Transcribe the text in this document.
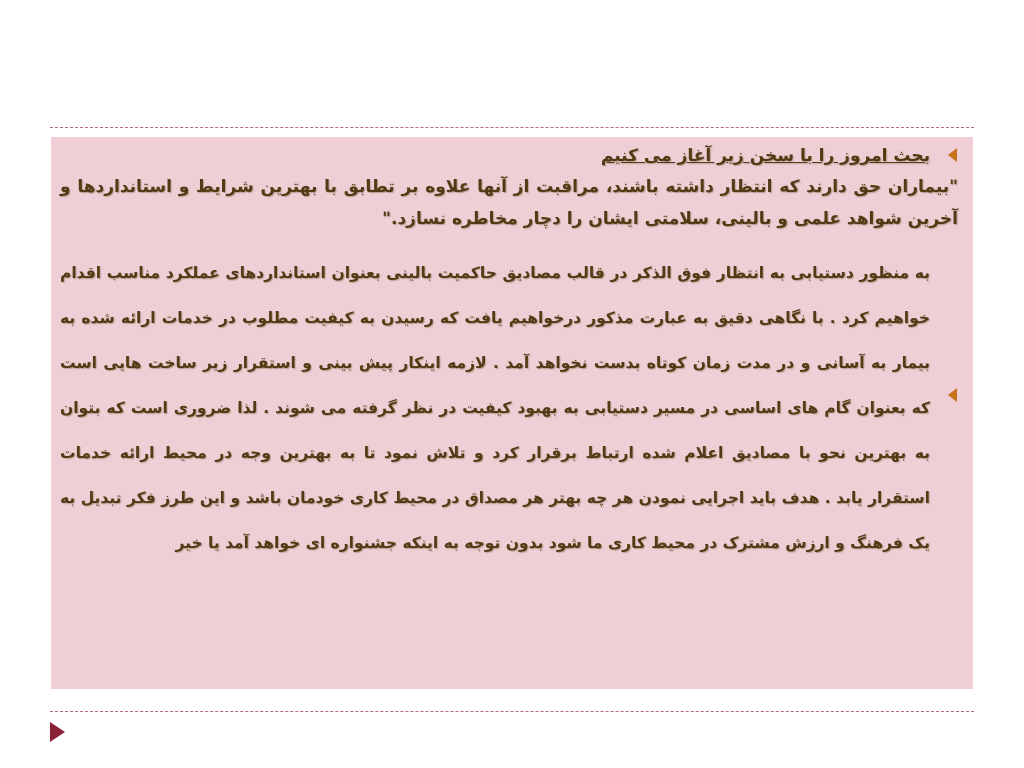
بحث امروز را با سخن زیر آغاز می کنیم
"بیماران حق دارند که انتظار داشته باشند، مراقبت از آنها علاوه بر تطابق با بهترین شرایط و استانداردها و آخرین شواهد علمی و بالینی، سلامتی ایشان را دچار مخاطره نسازد."
به منظور دستیابی به انتظار فوق الذکر در قالب مصادیق حاکمیت بالینی بعنوان استانداردهای عملکرد مناسب اقدام خواهیم کرد . با نگاهی دقیق به عبارت مذکور درخواهیم یافت که رسیدن به کیفیت مطلوب در خدمات ارائه شده به بیمار به آسانی و در مدت زمان کوتاه بدست نخواهد آمد . لازمه اینکار پیش بینی و استقرار زیر ساخت هایی است که بعنوان گام های اساسی در مسیر دستیابی به بهبود کیفیت در نظر گرفته می شوند . لذا ضروری است که بتوان به بهترین نحو با مصادیق اعلام شده ارتباط برقرار کرد و تلاش نمود تا به بهترین وجه در محیط ارائه خدمات استقرار یابد . هدف باید اجرایی نمودن هر چه بهتر هر مصداق در محیط کاری خودمان باشد و این طرز فکر تبدیل به یک فرهنگ و ارزش مشترک در محیط کاری ما شود بدون توجه به اینکه جشنواره ای خواهد آمد یا خیر
